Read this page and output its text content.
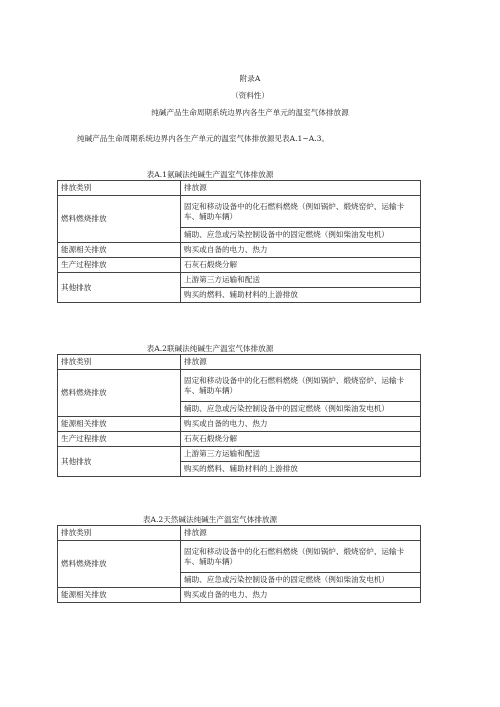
附录A
（资料性）
纯碱产品生命周期系统边界内各生产单元的温室气体排放源
纯碱产品生命周期系统边界内各生产单元的温室气体排放源见表A.1~A.3。
表A.1氨碱法纯碱生产温室气体排放源
排放类别	排放源
燃料燃烧排放	固定和移动设备中的化石燃料燃烧（例如锅炉、煅烧窑炉、运输卡车、辅助车辆）
	辅助、应急或污染控制设备中的固定燃烧（例如柴油发电机）
能源相关排放	购买或自备的电力、热力
生产过程排放	石灰石煅烧分解
其他排放	上游第三方运输和配送
	购买的燃料、辅助材料的上游排放
表A.2联碱法纯碱生产温室气体排放源
排放类别	排放源
燃料燃烧排放	固定和移动设备中的化石燃料燃烧（例如锅炉、煅烧窑炉、运输卡车、辅助车辆）
	辅助、应急或污染控制设备中的固定燃烧（例如柴油发电机）
能源相关排放	购买或自备的电力、热力
生产过程排放	石灰石煅烧分解
其他排放	上游第三方运输和配送
	购买的燃料、辅助材料的上游排放
表A.2天然碱法纯碱生产温室气体排放源
排放类别	排放源
燃料燃烧排放	固定和移动设备中的化石燃料燃烧（例如锅炉、煅烧窑炉、运输卡车、辅助车辆）
	辅助、应急或污染控制设备中的固定燃烧（例如柴油发电机）
能源相关排放	购买或自备的电力、热力
